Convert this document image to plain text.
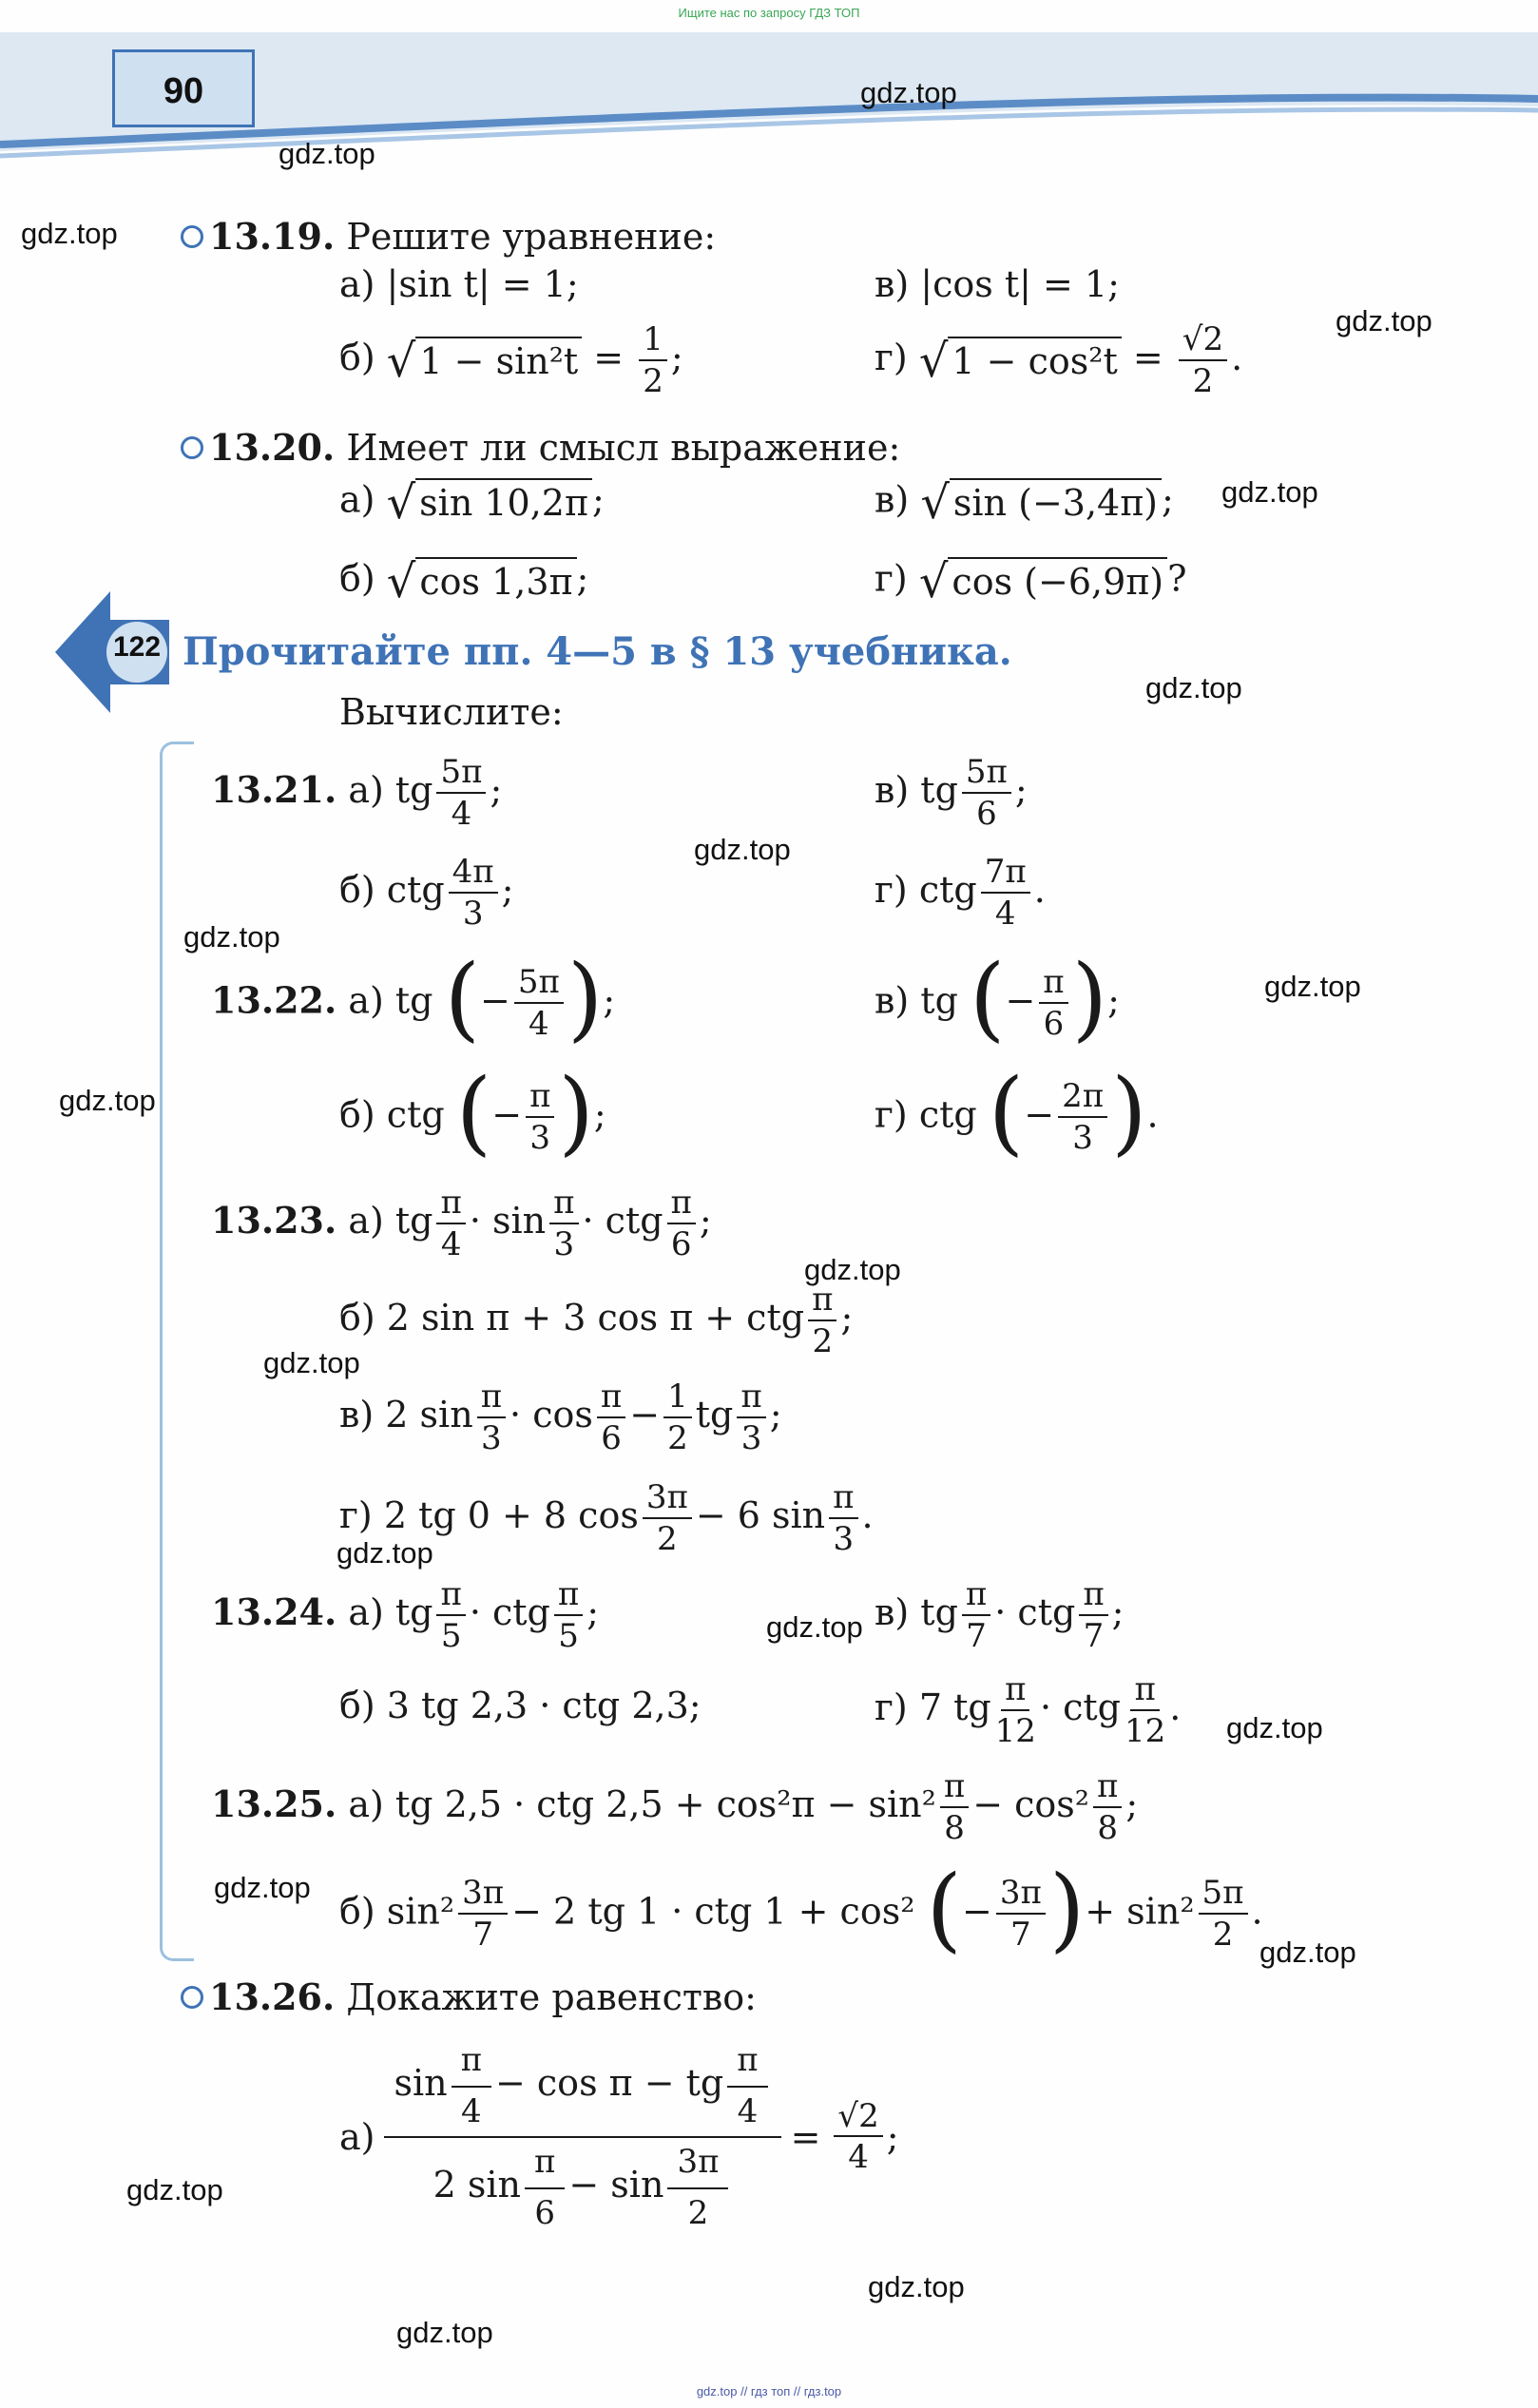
Ищите нас по запросу ГДЗ ТОП
gdz.top // гдз топ // гдз.top
90	gdz.top
gdz.top
gdz.top
gdz.top
gdz.top
gdz.top
gdz.top
gdz.top
gdz.top
gdz.top
gdz.top
gdz.top
gdz.top
gdz.top
gdz.top
gdz.top
gdz.top
gdz.top
gdz.top
gdz.top
13.19. Решите уравнение:
а) |sin t| = 1;	в) |cos t| = 1;
б) √ $1 - \sin^2t = \frac{1}{2}$ ;	г) √ $1 - \cos^2t = \frac{√2}{2}$ .
13.20. Имеет ли смысл выражение:
а) √ sin 10,2π ;	в) √ sin (−3,4π) ;
б) √ cos 1,3π ;	г) √ cos (−6,9π) ?
122 Прочитайте пп. 4—5 в § 13 учебника.
Вычислите:
13.21. а) tg $\frac{5\pi}{4}$ ;	в) tg $\frac{5\pi}{6}$ ;
б) ctg $\frac{4\pi}{3}$ ;	г) ctg $\frac{7\pi}{4}$ .
13.22. а) tg (− $\frac{5\pi}{4}$ );	в) tg (− $\frac{\pi}{6}$ );
б) ctg (− $\frac{\pi}{3}$ );	г) ctg (− $\frac{2\pi}{3}$ ).
13.23. а) tg $\frac{\pi}{4} \cdot \sin \frac{\pi}{3}$ · ctg $\frac{\pi}{6}$ ;
б) 2 sin π + 3 cos π + ctg $\frac{\pi}{2}$ ;
в) 2 $\sin \frac{\pi}{3} \cdot \cos \frac{\pi}{6} - \frac{1}{2}$ tg $\frac{\pi}{3}$ ;
г) 2 tg 0 + 8 $\cos \frac{3\pi}{2} - 6$ $\sin \frac{\pi}{3}$ .
13.24. а) tg $\frac{\pi}{5}$ · ctg $\frac{\pi}{5}$ ;	в) tg $\frac{\pi}{7}$ · ctg $\frac{\pi}{7}$ ;
б) 3 tg 2,3 · ctg 2,3;	г) 7 tg $\frac{\pi}{12}$ · ctg $\frac{\pi}{12}$ .
13.25. а) tg 2,5 · ctg $2,5 + \cos^2\pi - \sin^2 \frac{\pi}{8} - \cos^2 \frac{\pi}{8}$ ;
б) $\sin^2 \frac{3\pi}{7} - 2$ tg 1 · ctg 1 + cos² (− $\frac{3\pi}{7}$ )+ $\sin^2 \frac{5\pi}{2}$ .
13.26. Докажите равенство:
а)
$\sin \frac{\pi}{4} - \cos \pi$ − tg $\frac{\pi}{4}$
2 $\sin \frac{\pi}{6} - \sin \frac{3\pi}{2}$
= $\frac{√2}{4}$ ;
